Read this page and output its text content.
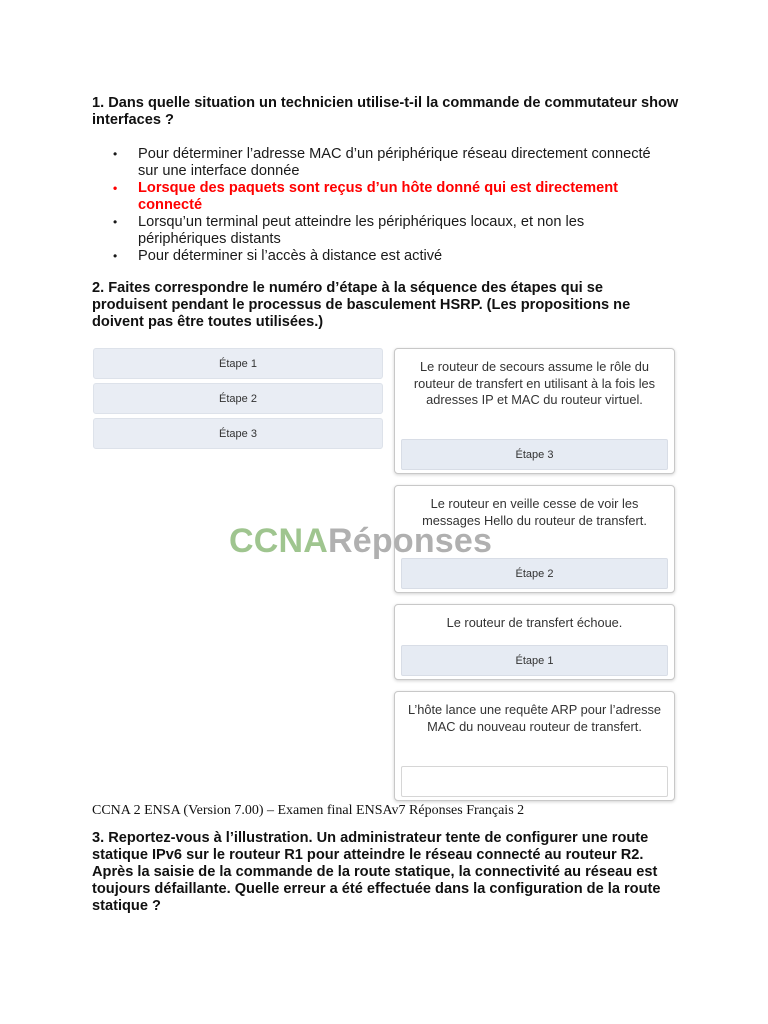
1. Dans quelle situation un technicien utilise-t-il la commande de commutateur show interfaces ?
• Pour déterminer l’adresse MAC d’un périphérique réseau directement connecté sur une interface donnée
• Lorsque des paquets sont reçus d’un hôte donné qui est directement connecté
• Lorsqu’un terminal peut atteindre les périphériques locaux, et non les périphériques distants
• Pour déterminer si l’accès à distance est activé
2. Faites correspondre le numéro d’étape à la séquence des étapes qui se produisent pendant le processus de basculement HSRP. (Les propositions ne doivent pas être toutes utilisées.)
Étape 1
Étape 2
Étape 3
Le routeur de secours assume le rôle du routeur de transfert en utilisant à la fois les adresses IP et MAC du routeur virtuel.
Étape 3
Le routeur en veille cesse de voir les messages Hello du routeur de transfert.
Étape 2
Le routeur de transfert échoue.
Étape 1
L’hôte lance une requête ARP pour l’adresse MAC du nouveau routeur de transfert.
CCNARéponses
CCNA 2 ENSA (Version 7.00) – Examen final ENSAv7 Réponses Français 2
3. Reportez-vous à l’illustration. Un administrateur tente de configurer une route statique IPv6 sur le routeur R1 pour atteindre le réseau connecté au routeur R2. Après la saisie de la commande de la route statique, la connectivité au réseau est toujours défaillante. Quelle erreur a été effectuée dans la configuration de la route statique ?
